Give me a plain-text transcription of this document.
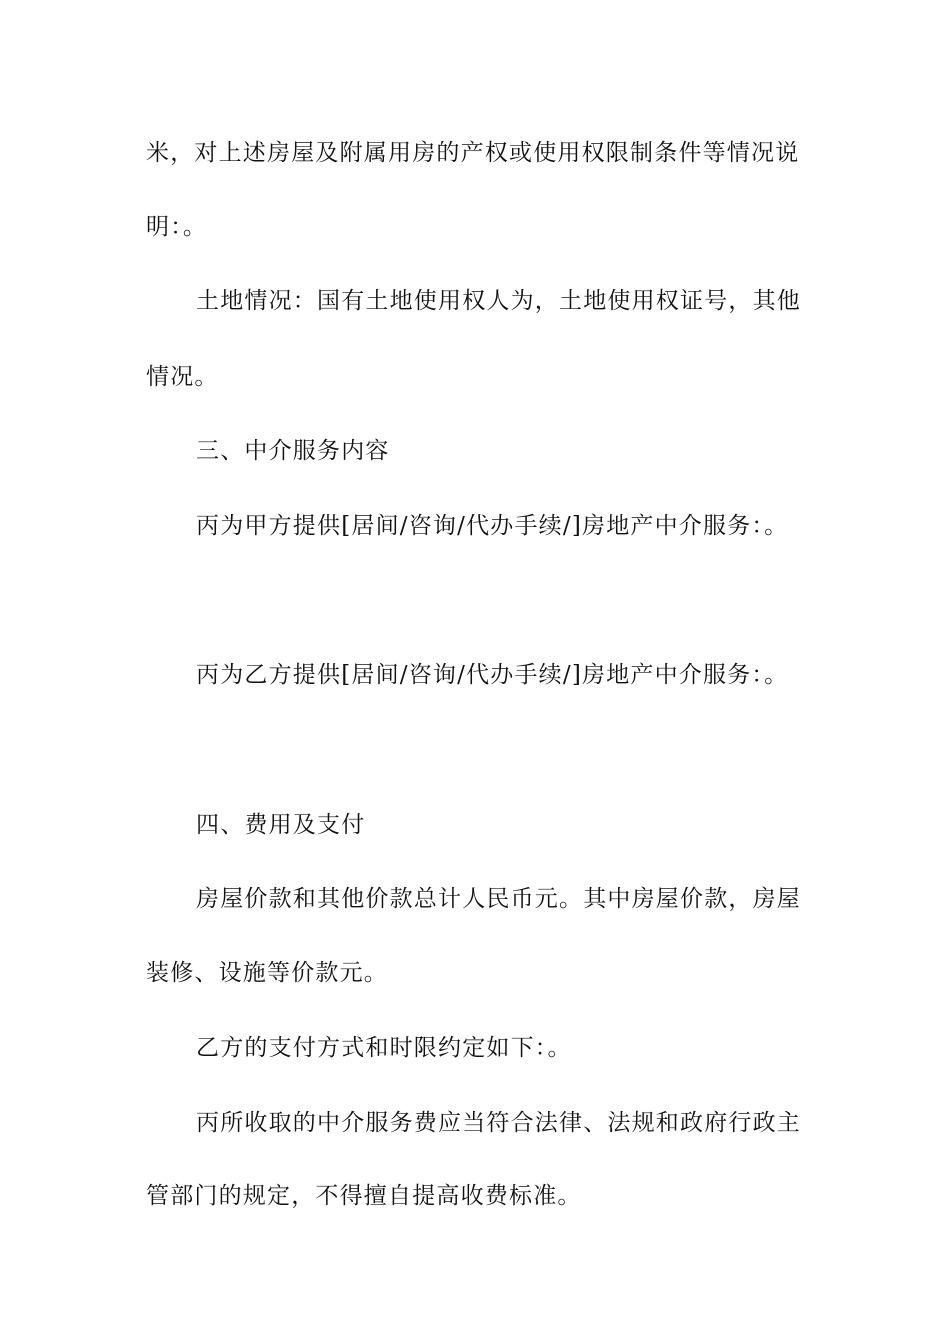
米，对上述房屋及附属用房的产权或使用权限制条件等情况说
明：。
土地情况：国有土地使用权人为，土地使用权证号，其他
情况。
三、中介服务内容
丙为甲方提供[居间/咨询/代办手续/]房地产中介服务：。
丙为乙方提供[居间/咨询/代办手续/]房地产中介服务：。
四、费用及支付
房屋价款和其他价款总计人民币元。其中房屋价款，房屋
装修、设施等价款元。
乙方的支付方式和时限约定如下：。
丙所收取的中介服务费应当符合法律、法规和政府行政主
管部门的规定，不得擅自提高收费标准。
